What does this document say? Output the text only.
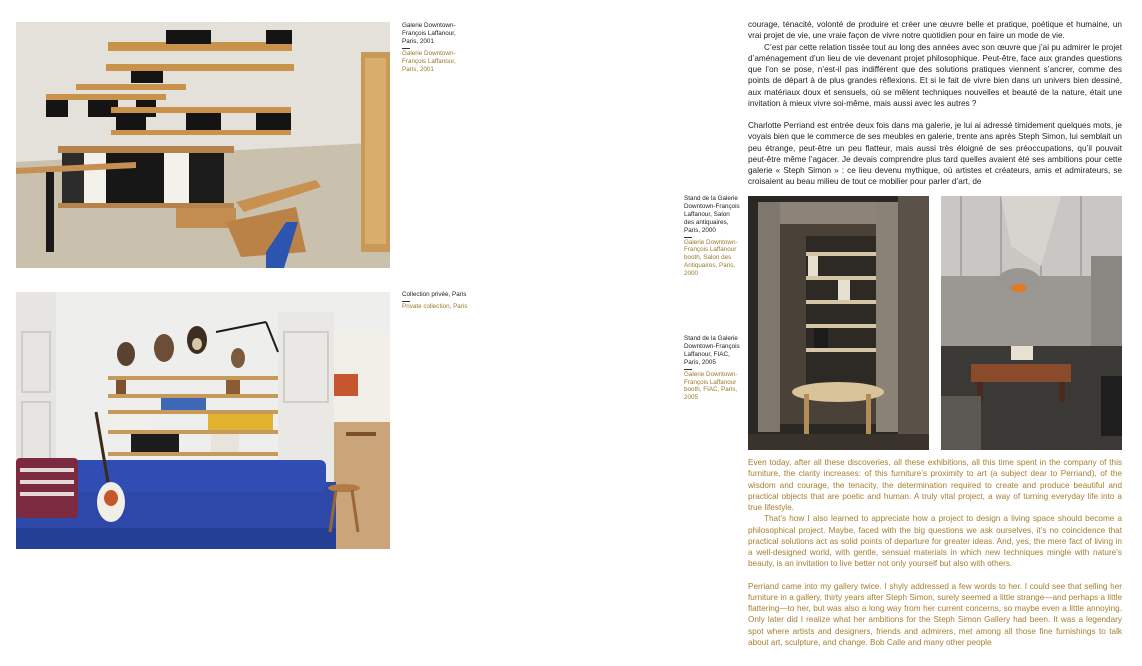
Galerie Downtown-François Laffanour, Paris, 2001
Galerie Downtown-François Laffanour, Paris, 2001
Collection privée, Paris
Private collection, Paris
Stand de la Galerie Downtown-François Laffanour, Salon des antiquaires, Paris, 2000
Galerie Downtown-François Laffanour booth, Salon des Antiquaires, Paris, 2000
Stand de la Galerie Downtown-François Laffanour, FIAC, Paris, 2005
Galerie Downtown-François Laffanour booth, FIAC, Paris, 2005

courage, ténacité, volonté de produire et créer une œuvre belle et pratique, poétique et humaine, un vrai projet de vie, une vraie façon de vivre notre quotidien pour en faire un mode de vie.

C’est par cette relation tissée tout au long des années avec son œuvre que j’ai pu admirer le projet d’aménagement d’un lieu de vie devenant projet philosophique. Peut-être, face aux grandes questions que l’on se pose, n’est-il pas indifférent que des solutions pratiques viennent s’ancrer, comme des points de départ à de plus grandes réflexions. Et si le fait de vivre bien dans un univers bien dessiné, aux matériaux doux et sensuels, où se mêlent techniques nouvelles et beauté de la nature, était une invitation à mieux vivre soi-même, mais aussi avec les autres ?

Charlotte Perriand est entrée deux fois dans ma galerie, je lui ai adressé timidement quelques mots, je voyais bien que le commerce de ses meubles en galerie, trente ans après Steph Simon, lui semblait un peu étrange, peut-être un peu flatteur, mais aussi très éloigné de ses préoccupations, qu’il pouvait peut-être même l’agacer. Je devais comprendre plus tard quelles avaient été ses ambitions pour cette galerie « Steph Simon » : ce lieu devenu mythique, où artistes et créateurs, amis et admirateurs, se croisaient au beau milieu de tout ce mobilier pour parler d’art, de

Even today, after all these discoveries, all these exhibitions, all this time spent in the company of this furniture, the clarity increases: of this furniture’s proximity to art (a subject dear to Perriand), of the wisdom and courage, the tenacity, the determination required to create and produce beautiful and practical objects that are poetic and human. A truly vital project, a way of turning everyday life into a true lifestyle.

That’s how I also learned to appreciate how a project to design a living space should become a philosophical project. Maybe, faced with the big questions we ask ourselves, it’s no coincidence that practical solutions act as solid points of departure for greater ideas. And, yes, the mere fact of living in a well-designed world, with gentle, sensual materials in which new techniques mingle with nature’s beauty, is an invitation to live better not only yourself but also with others.

Perriand came into my gallery twice. I shyly addressed a few words to her. I could see that selling her furniture in a gallery, thirty years after Steph Simon, surely seemed a little strange—and perhaps a little flattering—to her, but was also a long way from her current concerns, so maybe even a little annoying. Only later did I realize what her ambitions for the Steph Simon Gallery had been. It was a legendary spot where artists and designers, friends and admirers, met among all those fine furnishings to talk about art, sculpture, and change. Bob Calle and many other people
